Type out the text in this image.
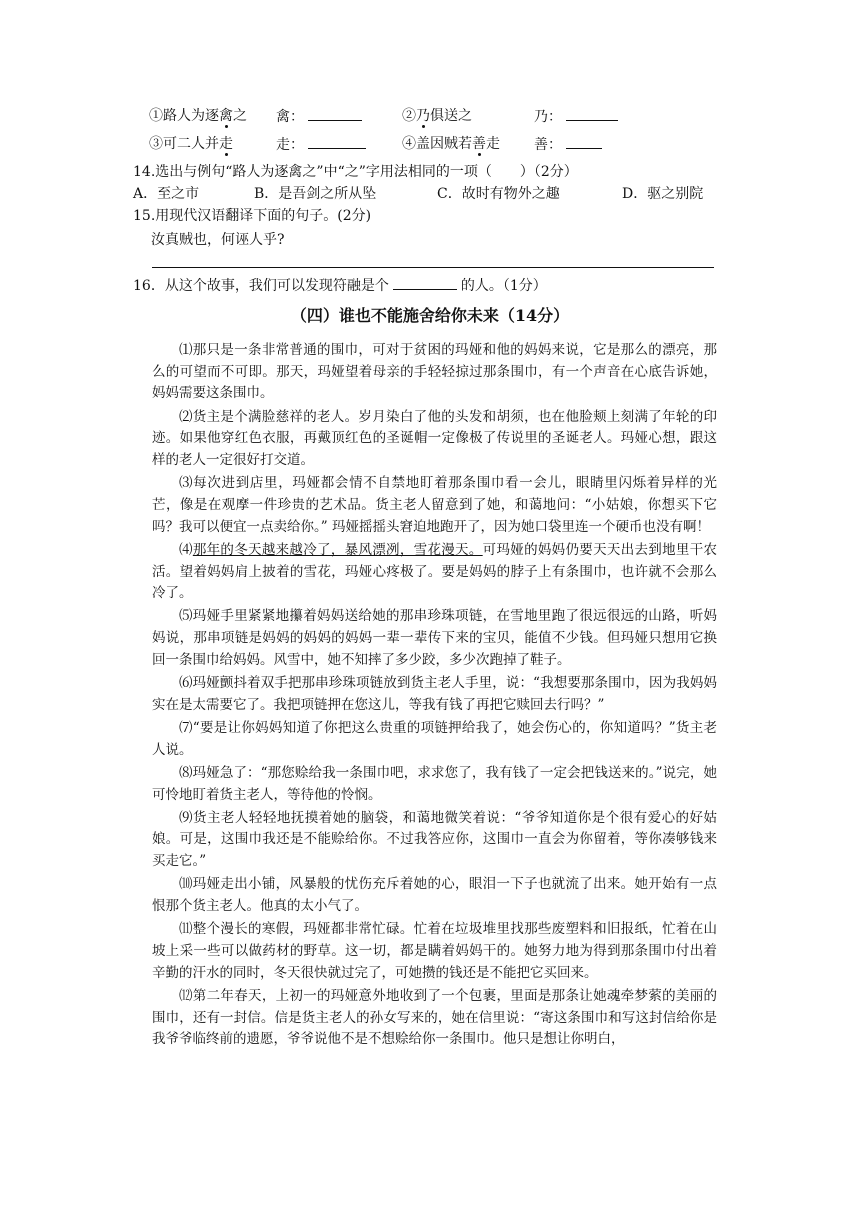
①路人为逐禽之 禽：	②乃俱送之	乃：
③可二人并走	走：	④盖因贼若善走 善：
14.选出与例句“路人为逐禽之”中“之”字用法相同的一项（　　）（2分）
A．至之市	B．是吾剑之所从坠	C．故时有物外之趣	D．驱之别院
15.用现代汉语翻译下面的句子。(2分)
汝真贼也，何诬人乎?
16．从这个故事，我们可以发现符融是个	的人。（1分）
（四）谁也不能施舍给你未来（14分）

⑴那只是一条非常普通的围巾，可对于贫困的玛娅和他的妈妈来说，它是那么的漂亮，那么的可望而不可即。那天，玛娅望着母亲的手轻轻掠过那条围巾，有一个声音在心底告诉她，妈妈需要这条围巾。

⑵货主是个满脸慈祥的老人。岁月染白了他的头发和胡须，也在他脸颊上刻满了年轮的印迹。如果他穿红色衣服，再戴顶红色的圣诞帽一定像极了传说里的圣诞老人。玛娅心想，跟这样的老人一定很好打交道。

⑶每次进到店里，玛娅都会情不自禁地盯着那条围巾看一会儿，眼睛里闪烁着异样的光芒，像是在观摩一件珍贵的艺术品。货主老人留意到了她，和蔼地问：“小姑娘，你想买下它吗？我可以便宜一点卖给你。” 玛娅摇摇头窘迫地跑开了，因为她口袋里连一个硬币也没有啊！

⑷那年的冬天越来越冷了，暴风漂冽，雪花漫天。可玛娅的妈妈仍要天天出去到地里干农活。望着妈妈肩上披着的雪花，玛娅心疼极了。要是妈妈的脖子上有条围巾，也许就不会那么冷了。

⑸玛娅手里紧紧地攥着妈妈送给她的那串珍珠项链，在雪地里跑了很远很远的山路，听妈妈说，那串项链是妈妈的妈妈的妈妈一辈一辈传下来的宝贝，能值不少钱。但玛娅只想用它换回一条围巾给妈妈。风雪中，她不知摔了多少跤，多少次跑掉了鞋子。

⑹玛娅颤抖着双手把那串珍珠项链放到货主老人手里，说：“我想要那条围巾，因为我妈妈实在是太需要它了。我把项链押在您这儿，等我有钱了再把它赎回去行吗？”

⑺“要是让你妈妈知道了你把这么贵重的项链押给我了，她会伤心的，你知道吗？”货主老人说。

⑻玛娅急了：“那您赊给我一条围巾吧，求求您了，我有钱了一定会把钱送来的。”说完，她可怜地盯着货主老人，等待他的怜悯。

⑼货主老人轻轻地抚摸着她的脑袋，和蔼地微笑着说：“爷爷知道你是个很有爱心的好姑娘。可是，这围巾我还是不能赊给你。不过我答应你，这围巾一直会为你留着，等你凑够钱来买走它。”

⑽玛娅走出小铺，风暴般的忧伤充斥着她的心，眼泪一下子也就流了出来。她开始有一点恨那个货主老人。他真的太小气了。

⑾整个漫长的寒假，玛娅都非常忙碌。忙着在垃圾堆里找那些废塑料和旧报纸，忙着在山坡上采一些可以做药材的野草。这一切，都是瞒着妈妈干的。她努力地为得到那条围巾付出着辛勤的汗水的同时，冬天很快就过完了，可她攒的钱还是不能把它买回来。

⑿第二年春天，上初一的玛娅意外地收到了一个包裹，里面是那条让她魂牵梦萦的美丽的围巾，还有一封信。信是货主老人的孙女写来的，她在信里说：“寄这条围巾和写这封信给你是我爷爷临终前的遗愿，爷爷说他不是不想赊给你一条围巾。他只是想让你明白，
